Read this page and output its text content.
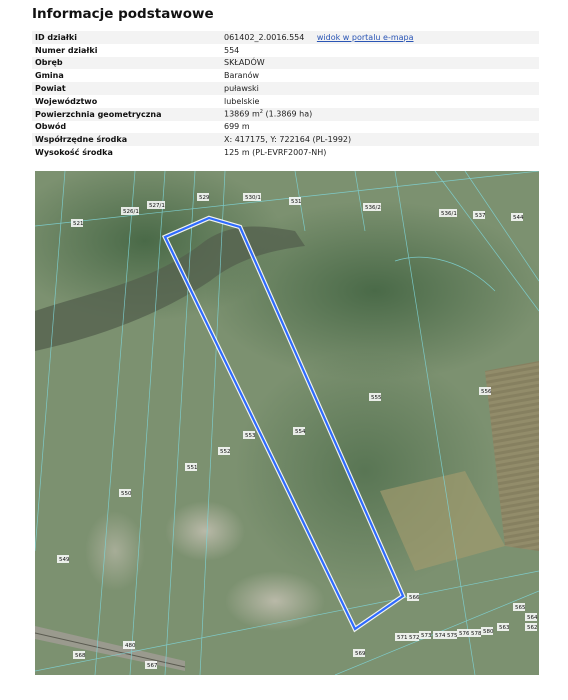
Informacje podstawowe
ID działki	061402_2.0016.554 widok w portalu e-mapa
Numer działki	554
Obręb	SKŁADÓW
Gmina	Baranów
Powiat	puławski
Województwo	lubelskie
Powierzchnia geometryczna	13869 $m^2$ (1.3869 ha)
Obwód	699 m
Współrzędne środka	X: 417175, Y: 722164 (PL-1992)
Wysokość środka	125 m (PL-EVRF2007-NH)
529	530/1
531
527/1
526/1
521
536/2
536/1	537	544
555
553
554
552
556
551
550
549
566
565
564
563	562
571 572 573 574 575 576 578 580
567
568	569
480
